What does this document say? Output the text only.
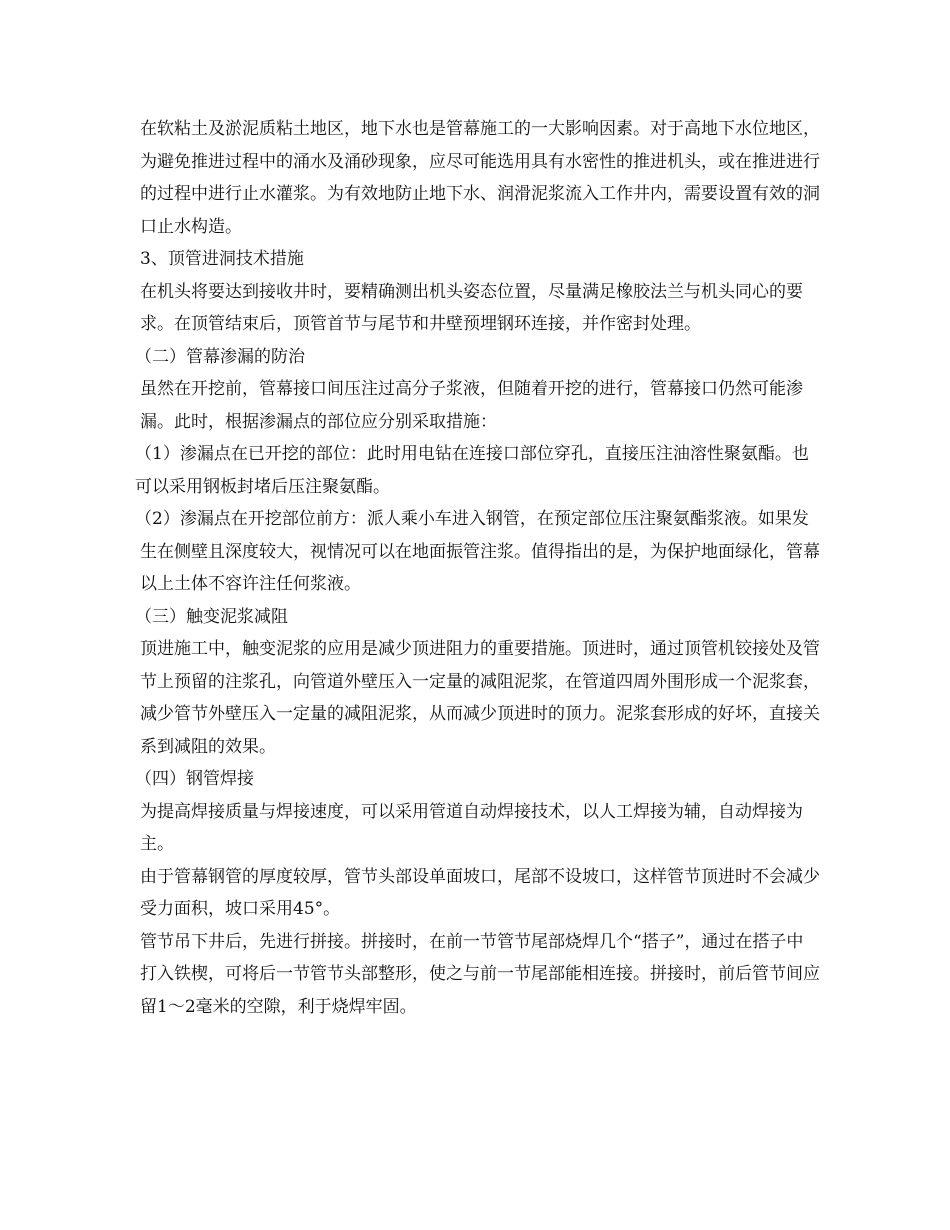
在软粘土及淤泥质粘土地区，地下水也是管幕施工的一大影响因素。对于高地下水位地区，为避免推进过程中的涌水及涌砂现象，应尽可能选用具有水密性的推进机头，或在推进进行的过程中进行止水灌浆。为有效地防止地下水、润滑泥浆流入工作井内，需要设置有效的洞口止水构造。

3、顶管进洞技术措施

在机头将要达到接收井时，要精确测出机头姿态位置，尽量满足橡胶法兰与机头同心的要求。在顶管结束后，顶管首节与尾节和井壁预埋钢环连接，并作密封处理。

（二）管幕渗漏的防治

虽然在开挖前，管幕接口间压注过高分子浆液，但随着开挖的进行，管幕接口仍然可能渗漏。此时，根据渗漏点的部位应分别采取措施：

（1）渗漏点在已开挖的部位：此时用电钻在连接口部位穿孔，直接压注油溶性聚氨酯。也可以采用钢板封堵后压注聚氨酯。

（2）渗漏点在开挖部位前方：派人乘小车进入钢管，在预定部位压注聚氨酯浆液。如果发生在侧壁且深度较大，视情况可以在地面振管注浆。值得指出的是，为保护地面绿化，管幕以上土体不容许注任何浆液。

（三）触变泥浆减阻

顶进施工中，触变泥浆的应用是减少顶进阻力的重要措施。顶进时，通过顶管机铰接处及管节上预留的注浆孔，向管道外壁压入一定量的减阻泥浆，在管道四周外围形成一个泥浆套，减少管节外壁压入一定量的减阻泥浆，从而减少顶进时的顶力。泥浆套形成的好坏，直接关系到减阻的效果。

（四）钢管焊接

为提高焊接质量与焊接速度，可以采用管道自动焊接技术，以人工焊接为辅，自动焊接为主。

由于管幕钢管的厚度较厚，管节头部设单面坡口，尾部不设坡口，这样管节顶进时不会减少受力面积，坡口采用45°。

管节吊下井后，先进行拼接。拼接时，在前一节管节尾部烧焊几个“搭子”，通过在搭子中打入铁楔，可将后一节管节头部整形，使之与前一节尾部能相连接。拼接时，前后管节间应留1～2毫米的空隙，利于烧焊牢固。
